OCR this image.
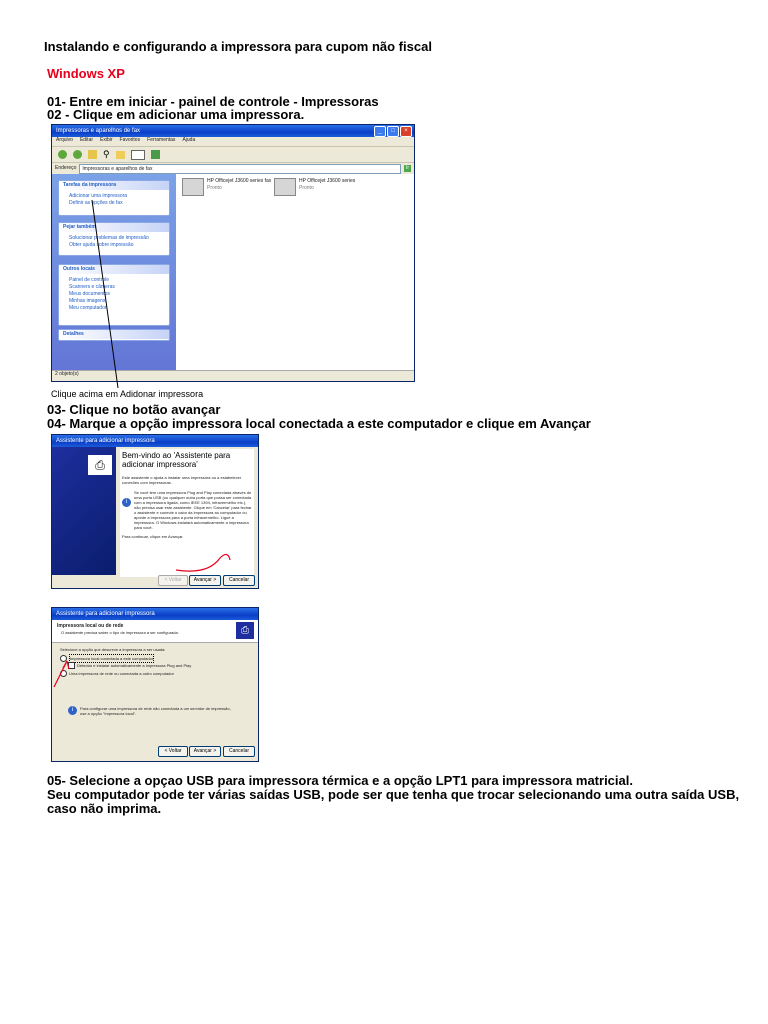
Instalando e configurando a impressora para cupom não fiscal
Windows XP
01- Entre em iniciar - painel de controle - Impressoras
02 - Clique em adicionar uma impressora.
Impressoras e aparelhos de fax	_	□	×
Arquivo Editar Exibir Favoritos Ferramentas Ajuda
⚲
Endereço	Impressoras e aparelhos de fax	Ir
Tarefas da impressora
Adicionar uma impressora
Definir as opções de fax
Pejar também
Solucionar problemas de impressão
Obter ajuda sobre impressão
Outros locais
Painel de controle
Scanners e câmeras
Meus documentos
Minhas imagens
Meu computador
Detalhes
HP Officejet J3600 series fax
Pronto
HP Officejet J3600 series
Pronto
2 objeto(s)
Clique acima em Adidonar impressora
03- Clique no botão avançar
04- Marque a opção impressora local conectada a este computador e clique em Avançar
Assistente para adicionar impressora
⎙
Bem-vindo ao 'Assistente para adicionar impressora'
Este assistente o ajuda a instalar uma impressora ou a estabelecer conexões com impressoras.
i
Se você tem uma impressora Plug and Play conectada através de uma porta USB (ou qualquer outra porta que possa ser conectada com a impressora ligada, como IEEE 1394, infravermelho etc.), não precisa usar este assistente. Clique em 'Cancelar' para fechar o assistente e conecte o cabo da impressora ao computador ou aponte a impressora para a porta infravermelho. Ligue a impressora. O Windows instalará automaticamente a impressora para você.
Para continuar, clique em Avançar.
< Voltar	Avançar >	Cancelar
Assistente para adicionar impressora
Impressora local ou de rede
O assistente precisa saber o tipo de impressora a ser configurada.	⎙
Selecione a opção que descreve a impressora a ser usada:
Impressora local conectada a este computador
Detectar e instalar automaticamente a impressora Plug and Play
Uma impressora de rede ou conectada a outro computador
i	Para configurar uma impressora de rede não conectada a um servidor de impressão, use a opção "Impressora local".
< Voltar	Avançar >	Cancelar
05- Selecione a opçao USB para impressora térmica e a opção LPT1 para impressora matricial.
Seu computador pode ter várias saídas USB, pode ser que tenha que trocar selecionando uma outra saída USB, caso não imprima.
